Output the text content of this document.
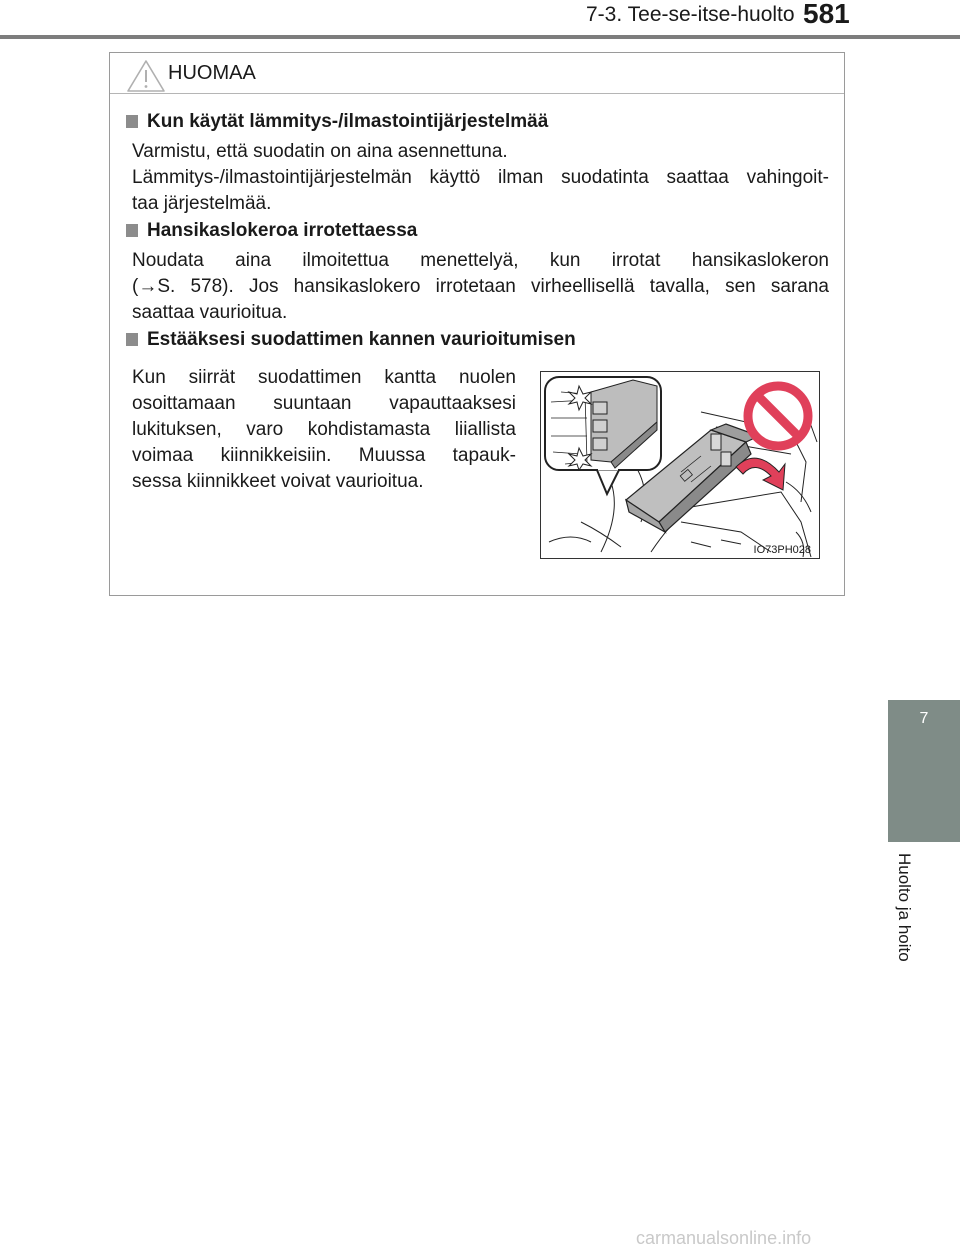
7-3. Tee-se-itse-huolto 581
HUOMAA
Kun käytät lämmitys-/ilmastointijärjestelmää
Varmistu, että suodatin on aina asennettuna.
Lämmitys-/ilmastointijärjestelmän käyttö ilman suodatinta saattaa vahingoit-
taa järjestelmää.
Hansikaslokeroa irrotettaessa
Noudata aina ilmoitettua menettelyä, kun irrotat hansikaslokeron
(→S. 578). Jos hansikaslokero irrotetaan virheellisellä tavalla, sen sarana
saattaa vaurioitua.
Estääksesi suodattimen kannen vaurioitumisen
Kun siirrät suodattimen kantta nuolen
osoittamaan suuntaan vapauttaaksesi
lukituksen, varo kohdistamasta liiallista
voimaa kiinnikkeisiin. Muussa tapauk-
sessa kiinnikkeet voivat vaurioitua.
IO73PH028
7
Huolto ja hoito
carmanualsonline.info
